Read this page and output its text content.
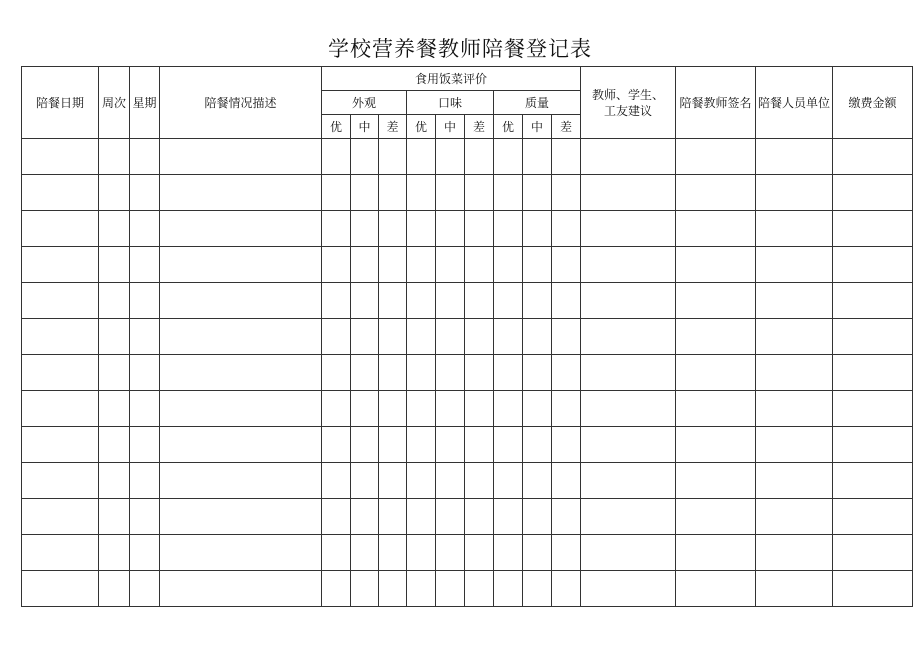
学校营养餐教师陪餐登记表
陪餐日期	周次	星期	陪餐情况描述	食用饭菜评价									教师、学生、工友建议	陪餐教师签名	陪餐人员单位	缴费金额
				外观			口味			质量						
				优	中	差	优	中	差	优	中	差				
